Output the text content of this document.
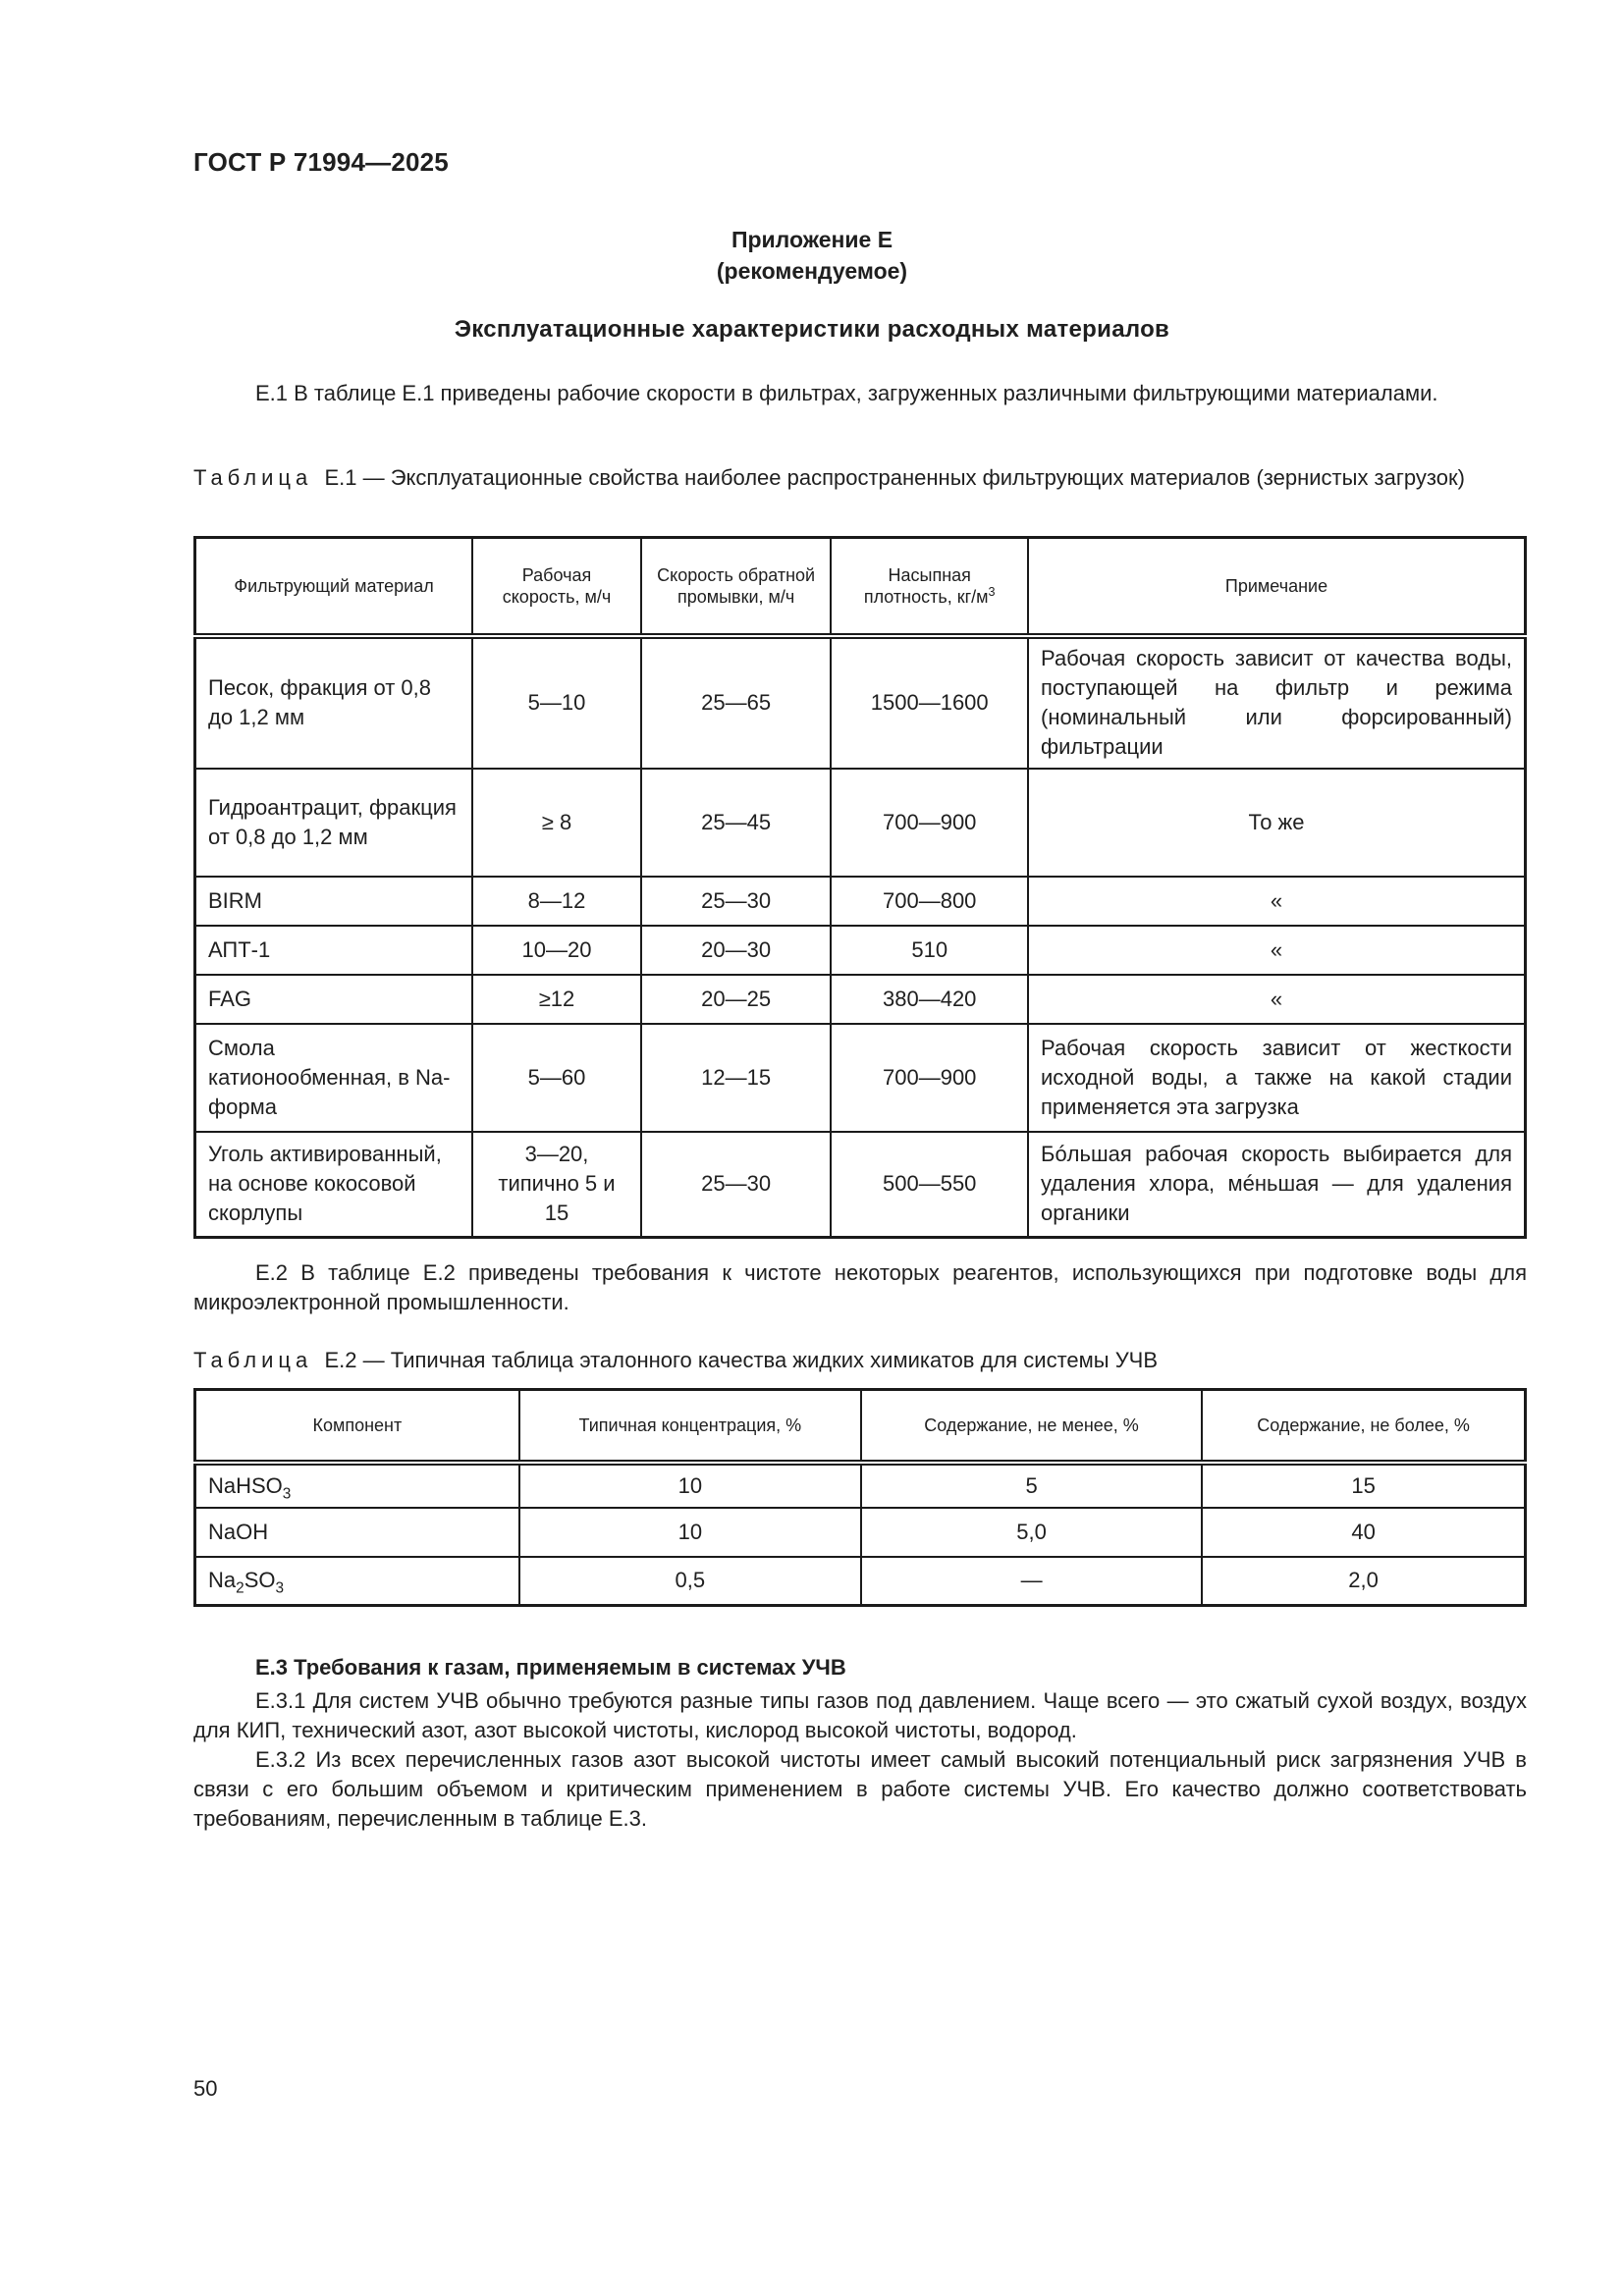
ГОСТ Р 71994—2025
Приложение Е
(рекомендуемое)
Эксплуатационные характеристики расходных материалов
Е.1 В таблице Е.1 приведены рабочие скорости в фильтрах, загруженных различными фильтрующими материалами.
Таблица Е.1 — Эксплуатационные свойства наиболее распространенных фильтрующих материалов (зернистых загрузок)
Фильтрующий материал	Рабочая скорость, м/ч	Скорость обратной промывки, м/ч	Насыпная плотность, $кг/м^3$	Примечание
Песок, фракция от 0,8 до 1,2 мм	5—10	25—65	1500—1600	Рабочая скорость зависит от качества воды, поступающей на фильтр и режима (номинальный или форсированный) фильтрации
Гидроантрацит, фракция от 0,8 до 1,2 мм	≥ 8	25—45	700—900	То же
BIRM	8—12	25—30	700—800	«
АПТ-1	10—20	20—30	510	«
FAG	≥12	20—25	380—420	«
Смола катионообменная, в Na-форма	5—60	12—15	700—900	Рабочая скорость зависит от жесткости исходной воды, а также на какой стадии применяется эта загрузка
Уголь активированный, на основе кокосовой скорлупы	3—20, типично 5 и 15	25—30	500—550	Бóльшая рабочая скорость выбирается для удаления хлора, мéньшая — для удаления органики
Е.2 В таблице Е.2 приведены требования к чистоте некоторых реагентов, использующихся при подготовке воды для микроэлектронной промышленности.
Таблица Е.2 — Типичная таблица эталонного качества жидких химикатов для системы УЧВ
Компонент	Типичная концентрация, %	Содержание, не менее, %	Содержание, не более, %
NaHSO$_3$	10	5	15
NaOH	10	5,0	40
$Na_2SO_3$	0,5	—	2,0
Е.3 Требования к газам, применяемым в системах УЧВ
Е.3.1 Для систем УЧВ обычно требуются разные типы газов под давлением. Чаще всего — это сжатый сухой воздух, воздух для КИП, технический азот, азот высокой чистоты, кислород высокой чистоты, водород.
Е.3.2 Из всех перечисленных газов азот высокой чистоты имеет самый высокий потенциальный риск загрязнения УЧВ в связи с его большим объемом и критическим применением в работе системы УЧВ. Его качество должно соответствовать требованиям, перечисленным в таблице Е.3.
50
